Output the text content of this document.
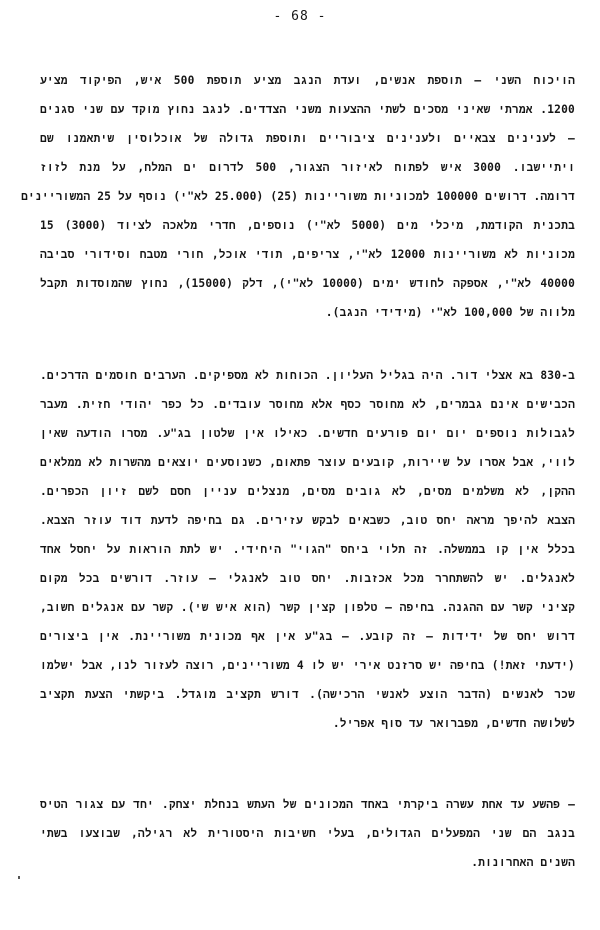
- 68 -
הויכוח השני – תוספת אנשים, ועדת הנגב מציע תוספת 500 איש, הפיקוד מציע
1200. אמרתי שאיני מסכים לשתי ההצעות משני הצדדים. לנגב נחוץ מוקד עם שני סגנים
– לענינים צבאיים ולענינים ציבוריים ותוספת גדולה של אוכלוסין שיתאמנו שם
ויתיישבו. 3000 איש לפתוח לאיזור הצגור, 500 לדרום ים המלח, על מנת לזוז
דרומה. דרושים 100000 למכוניות משוריינות (25) (25.000 לא"י) נוסף על 25 המשוריינים
בתכנית הקודמת, מיכלי מים (5000 לא"י) נוספים, חדרי מלאכה לציוד (3000) 15
מכוניות לא משוריינות 12000 לא"י, צריפים, תודי אוכל, חורי מטבח וסידורי סביבה
40000 לא"י, אספקה לחודש ימים (10000 לא"י), דלק (15000), נחוץ שהמוסדות תקבל
מלווה של 100,000 לא"י (מידידי הנגב).
ב-830 בא אצלי דור. היה בגליל העליון. הכוחות לא מספיקים. הערבים חוסמים הדרכים.
הכבישים אינם גבמרים, לא מחוסר כסף אלא מחוסר עובדים. כל כפר יהודי חזית. מעבר
לגבולות נוספים יום יום פורעים חדשים. כאילו אין שלטון בג"ע. מסרו הודעה שאין
לווי, אבל אסרו על שיירות, קובעים עוצר פתאום, כשנוסעים יוצאים מהשרות לא ממלאים
ההקן, לא משלמים מסים, לא גובים מסים, מנצלים עניין חסם לשם זיון הכפרים.
הצבא להיפך מראה יחס טוב, כשבאים לבקש עזירים. גם בחיפה לדעת דוד עוזר הצבא.
בכלל אין קו בממשלה. זה תלוי ביחס "הגוי" היחידי. יש לתת הוראות על יחסל אחד
לאנגלים. יש להשתחרר מכל אכזבות. יחס טוב לאנגלי – עוזר. דורשים בכל מקום
קציני קשר עם ההגנה. בחיפה – טלפון קצין קשר (הוא איש שי). קשר עם אנגלים חשוב,
דרוש יחס של ידידות – זה קובע. – בג"ע אין אף מכונית משוריינת. אין ביצורים
(ידעתי זאת!) בחיפה יש סרזנט אירי יש לו 4 משוריינים, רוצה לעזור לנו, אבל ישלמו
שכר לאנשים (הדבר הוצע לאנשי הרכישה). דורש תקציב מוגדל. ביקשתי הצעת תקציב
לשלושה חדשים, מפברואר עד סוף אפריל.
– פהשע עד אחת עשרה ביקרתי באחד המכונים של העתש בנחלת יצחק. יחד עם צגור הטיס
בנגב הם שני המפעלים הגדולים, בעלי חשיבות היסטורית לא רגילה, שבוצעו בשתי
השנים האחרונות.
